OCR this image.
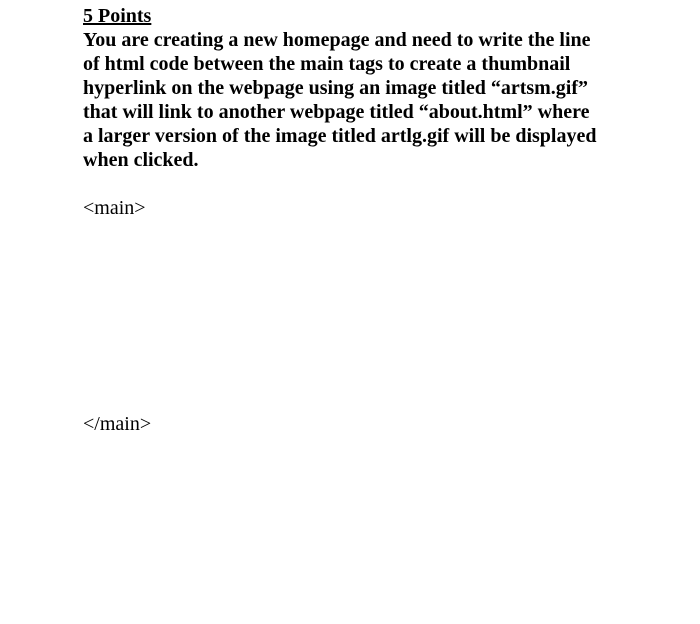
5 Points
You are creating a new homepage and need to write the line
of html code between the main tags to create a thumbnail
hyperlink on the webpage using an image titled “artsm.gif”
that will link to another webpage titled “about.html” where
a larger version of the image titled artlg.gif will be displayed
when clicked.
<main>
</main>
